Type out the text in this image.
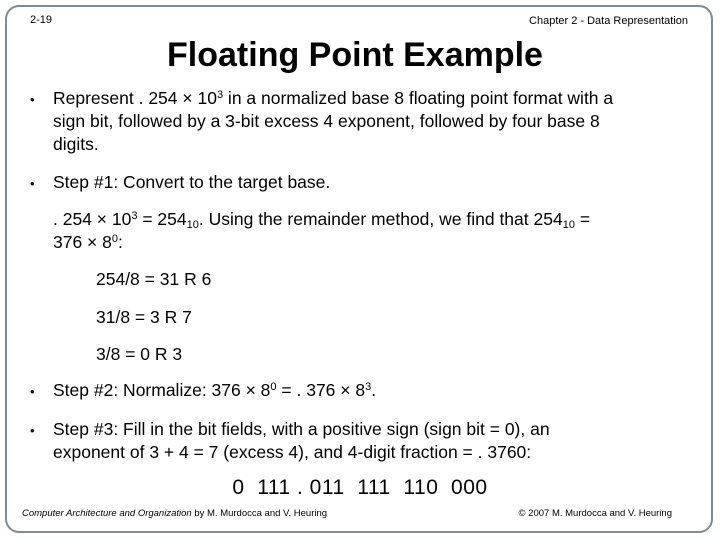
2-19	Chapter 2 - Data Representation
Floating Point Example
• Represent . $254 \times 10^3$ in a normalized base 8 floating point format with a
sign bit, followed by a 3-bit excess 4 exponent, followed by four base 8
digits.
• Step #1: Convert to the target base.
. $254 \times 10^3 = 254_{10}$. Using the remainder method, we find that $254_{10}$ =
$376 \times 8^0$:
254/8 = 31 R 6
31/8 = 3 R 7
3/8 = 0 R 3
• Step #2: Normalize: $376 \times 8^0$ = . $376 \times 8^3$.
• Step #3: Fill in the bit fields, with a positive sign (sign bit = 0), an
exponent of 3 + 4 = 7 (excess 4), and 4-digit fraction = . 3760:
0  111 . 011  111  110  000
Computer Architecture and Organization by M. Murdocca and V. Heuring	© 2007 M. Murdocca and V. Heuring
